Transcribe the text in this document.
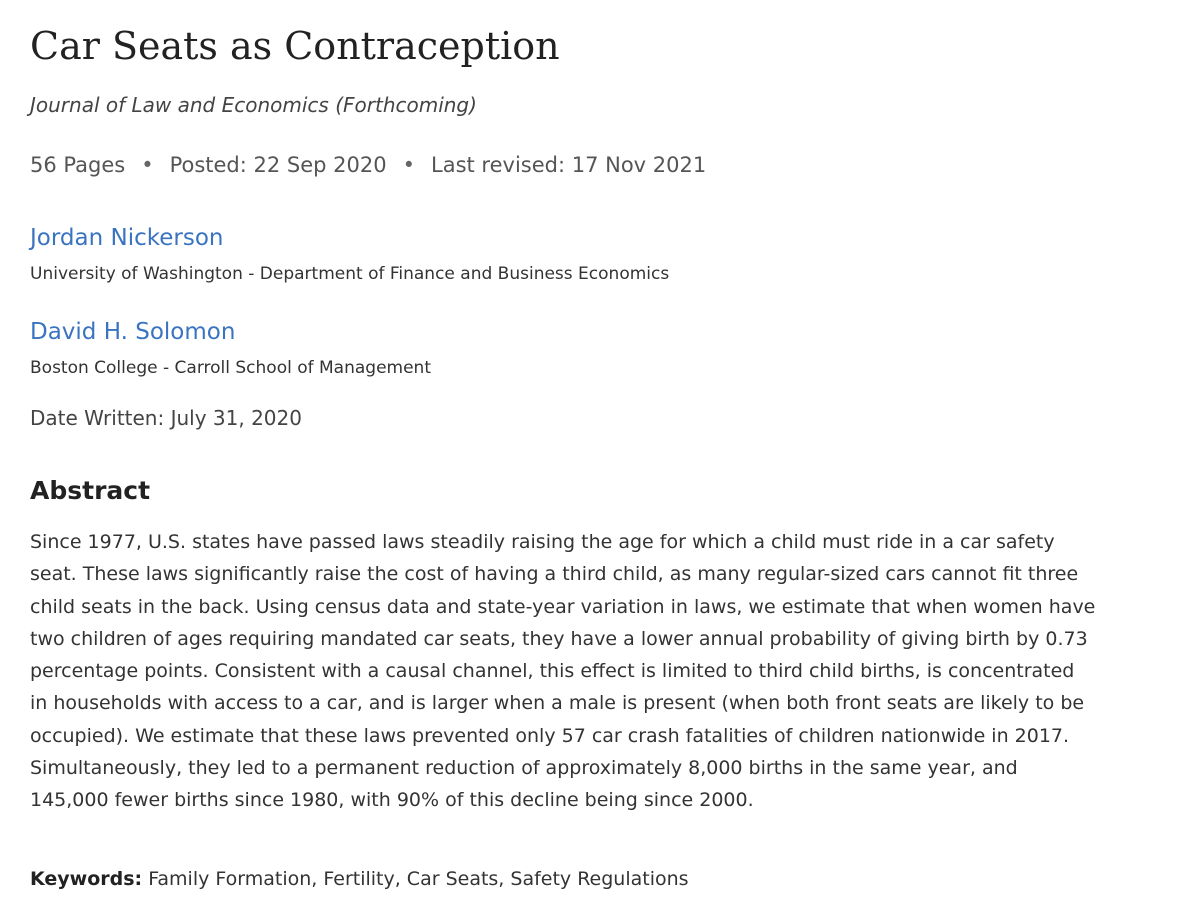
Car Seats as Contraception
Journal of Law and Economics (Forthcoming)
56 Pages • Posted: 22 Sep 2020 • Last revised: 17 Nov 2021
Jordan Nickerson
University of Washington - Department of Finance and Business Economics
David H. Solomon
Boston College - Carroll School of Management
Date Written: July 31, 2020
Abstract

Since 1977, U.S. states have passed laws steadily raising the age for which a child must ride in a car safety
seat. These laws significantly raise the cost of having a third child, as many regular-sized cars cannot fit three
child seats in the back. Using census data and state-year variation in laws, we estimate that when women have
two children of ages requiring mandated car seats, they have a lower annual probability of giving birth by 0.73
percentage points. Consistent with a causal channel, this effect is limited to third child births, is concentrated
in households with access to a car, and is larger when a male is present (when both front seats are likely to be
occupied). We estimate that these laws prevented only 57 car crash fatalities of children nationwide in 2017.
Simultaneously, they led to a permanent reduction of approximately 8,000 births in the same year, and
145,000 fewer births since 1980, with 90% of this decline being since 2000.

Keywords: Family Formation, Fertility, Car Seats, Safety Regulations
